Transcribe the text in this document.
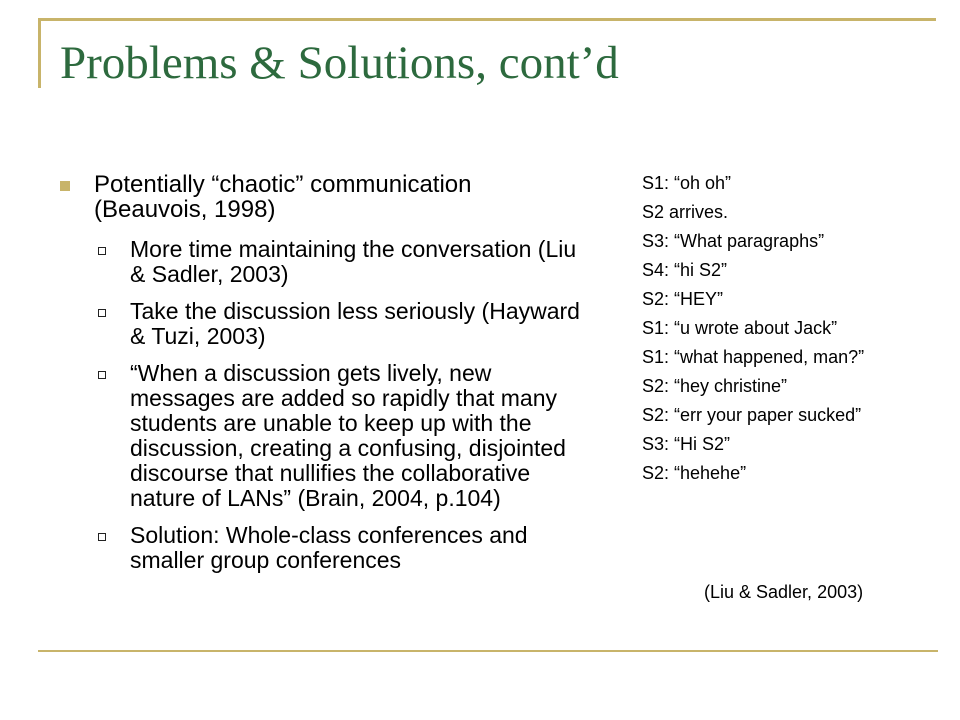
Problems & Solutions, cont’d
Potentially “chaotic” communication (Beauvois, 1998)
More time maintaining the conversation (Liu & Sadler, 2003)
Take the discussion less seriously (Hayward & Tuzi, 2003)
“When a discussion gets lively, new messages are added so rapidly that many students are unable to keep up with the discussion, creating a confusing, disjointed discourse that nullifies the collaborative nature of LANs” (Brain, 2004, p.104)
Solution: Whole-class conferences and smaller group conferences
S1: “oh oh”
S2 arrives.
S3: “What paragraphs”
S4: “hi S2”
S2: “HEY”
S1: “u wrote about Jack”
S1: “what happened, man?”
S2: “hey christine”
S2: “err your paper sucked”
S3: “Hi S2”
S2: “hehehe”
(Liu & Sadler, 2003)
